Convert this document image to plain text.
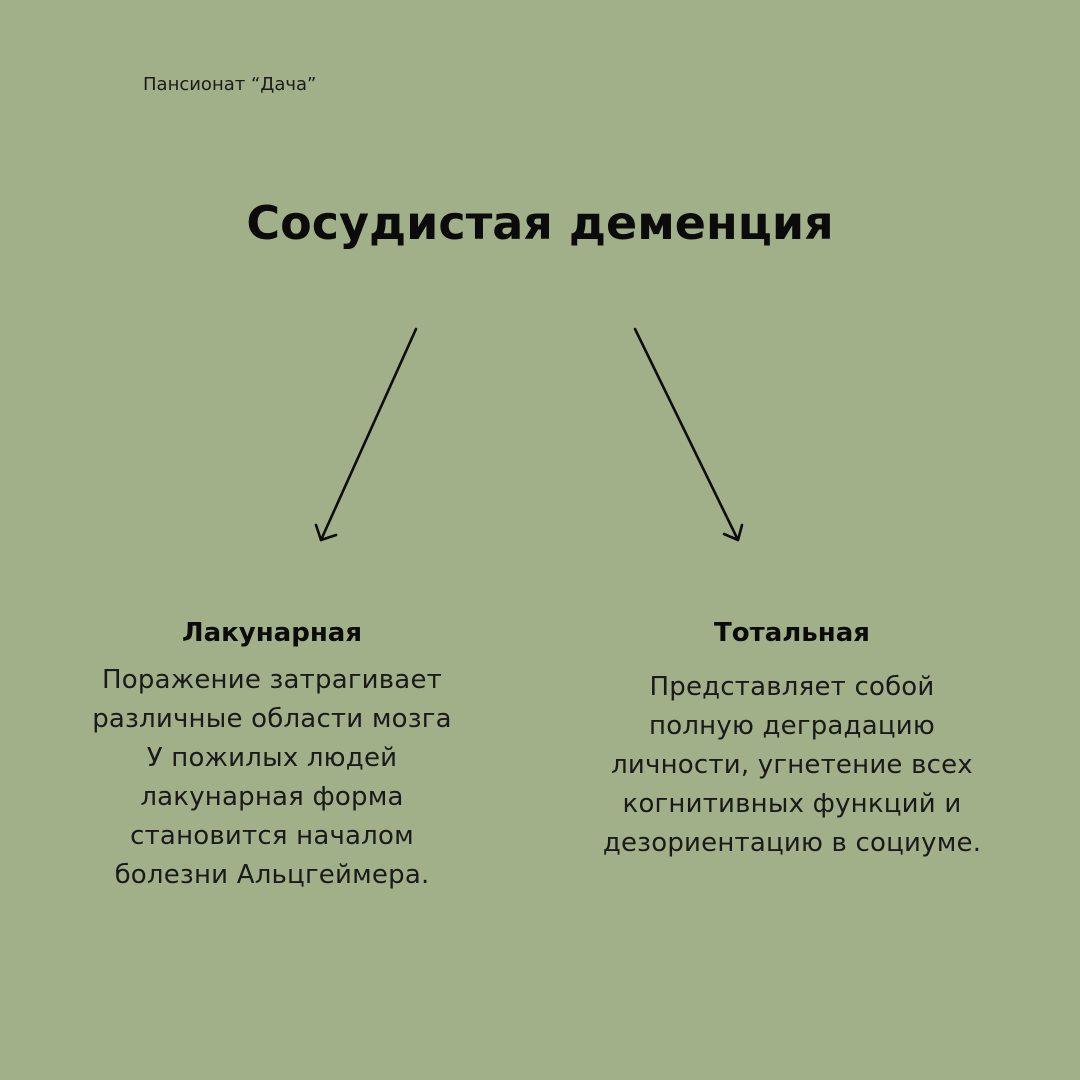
Пансионат “Дача”
Сосудистая деменция
Лакунарная

Поражение затрагивает
различные области мозга
У пожилых людей
лакунарная форма
становится началом
болезни Альцгеймера.

Тотальная

Представляет собой
полную деградацию
личности, угнетение всех
когнитивных функций и
дезориентацию в социуме.
